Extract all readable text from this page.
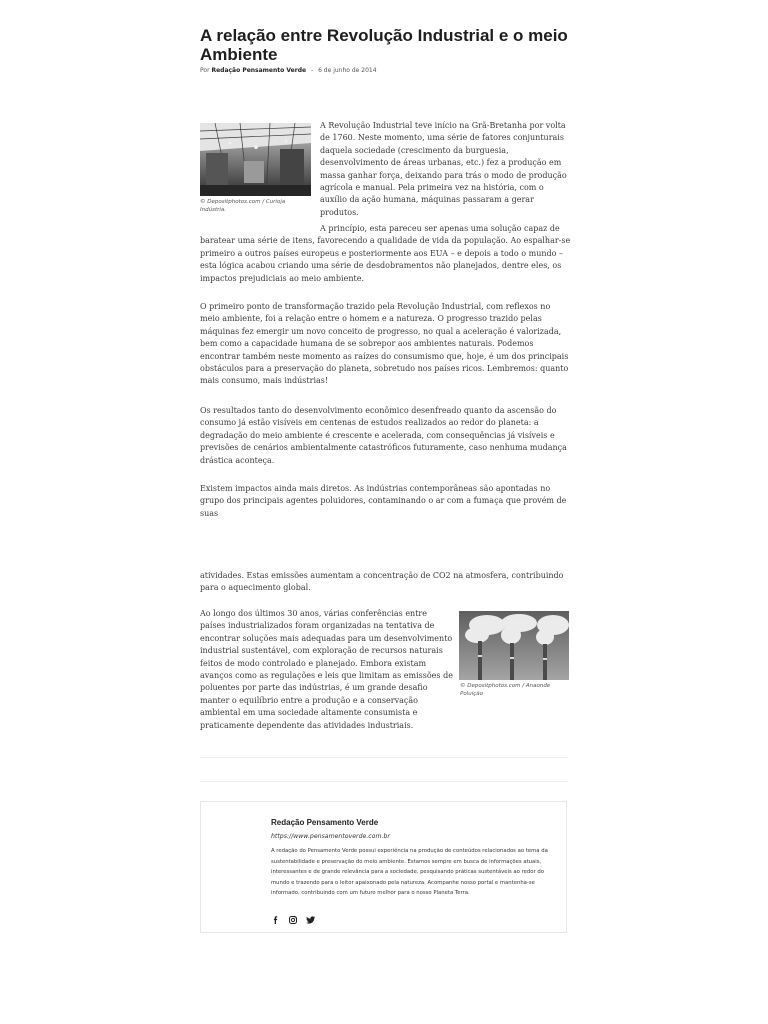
A relação entre Revolução Industrial e o meio Ambiente
Por Redação Pensamento Verde - 6 de junho de 2014
© Depositphotos.com / Curioja Indústria.

A Revolução Industrial teve início na Grã-Bretanha por volta de 1760. Neste momento, uma série de fatores conjunturais daquela sociedade (crescimento da burguesia, desenvolvimento de áreas urbanas, etc.) fez a produção em massa ganhar força, deixando para trás o modo de produção agrícola e manual. Pela primeira vez na história, com o auxílio da ação humana, máquinas passaram a gerar produtos.

A princípio, esta pareceu ser apenas uma solução capaz de baratear uma série de itens, favorecendo a qualidade de vida da população. Ao espalhar-se primeiro a outros países europeus e posteriormente aos EUA – e depois a todo o mundo – esta lógica acabou criando uma série de desdobramentos não planejados, dentre eles, os impactos prejudiciais ao meio ambiente.

O primeiro ponto de transformação trazido pela Revolução Industrial, com reflexos no meio ambiente, foi a relação entre o homem e a natureza. O progresso trazido pelas máquinas fez emergir um novo conceito de progresso, no qual a aceleração é valorizada, bem como a capacidade humana de se sobrepor aos ambientes naturais. Podemos encontrar também neste momento as raízes do consumismo que, hoje, é um dos principais obstáculos para a preservação do planeta, sobretudo nos países ricos. Lembremos: quanto mais consumo, mais indústrias!

Os resultados tanto do desenvolvimento econômico desenfreado quanto da ascensão do consumo já estão visíveis em centenas de estudos realizados ao redor do planeta: a degradação do meio ambiente é crescente e acelerada, com consequências já visíveis e previsões de cenários ambientalmente catastróficos futuramente, caso nenhuma mudança drástica aconteça.

Existem impactos ainda mais diretos. As indústrias contemporâneas são apontadas no grupo dos principais agentes poluidores, contaminando o ar com a fumaça que provém de suas

atividades. Estas emissões aumentam a concentração de CO2 na atmosfera, contribuindo para o aquecimento global.

Ao longo dos últimos 30 anos, várias conferências entre países industrializados foram organizadas na tentativa de encontrar soluções mais adequadas para um desenvolvimento industrial sustentável, com exploração de recursos naturais feitos de modo controlado e planejado. Embora existam avanços como as regulações e leis que limitam as emissões de poluentes por parte das indústrias, é um grande desafio manter o equilíbrio entre a produção e a conservação ambiental em uma sociedade altamente consumista e praticamente dependente das atividades industriais.

© Depositphotos.com / Anaonde Poluição
Redação Pensamento Verde
https://www.pensamentoverde.com.br

A redação do Pensamento Verde possui experiência na produção de conteúdos relacionados ao tema da sustentabilidade e preservação do meio ambiente. Estamos sempre em busca de informações atuais, interessantes e de grande relevância para a sociedade, pesquisando práticas sustentáveis ao redor do mundo e trazendo para o leitor apaixonado pela natureza. Acompanhe nosso portal e mantenha-se informado, contribuindo com um futuro melhor para o nosso Planeta Terra.
